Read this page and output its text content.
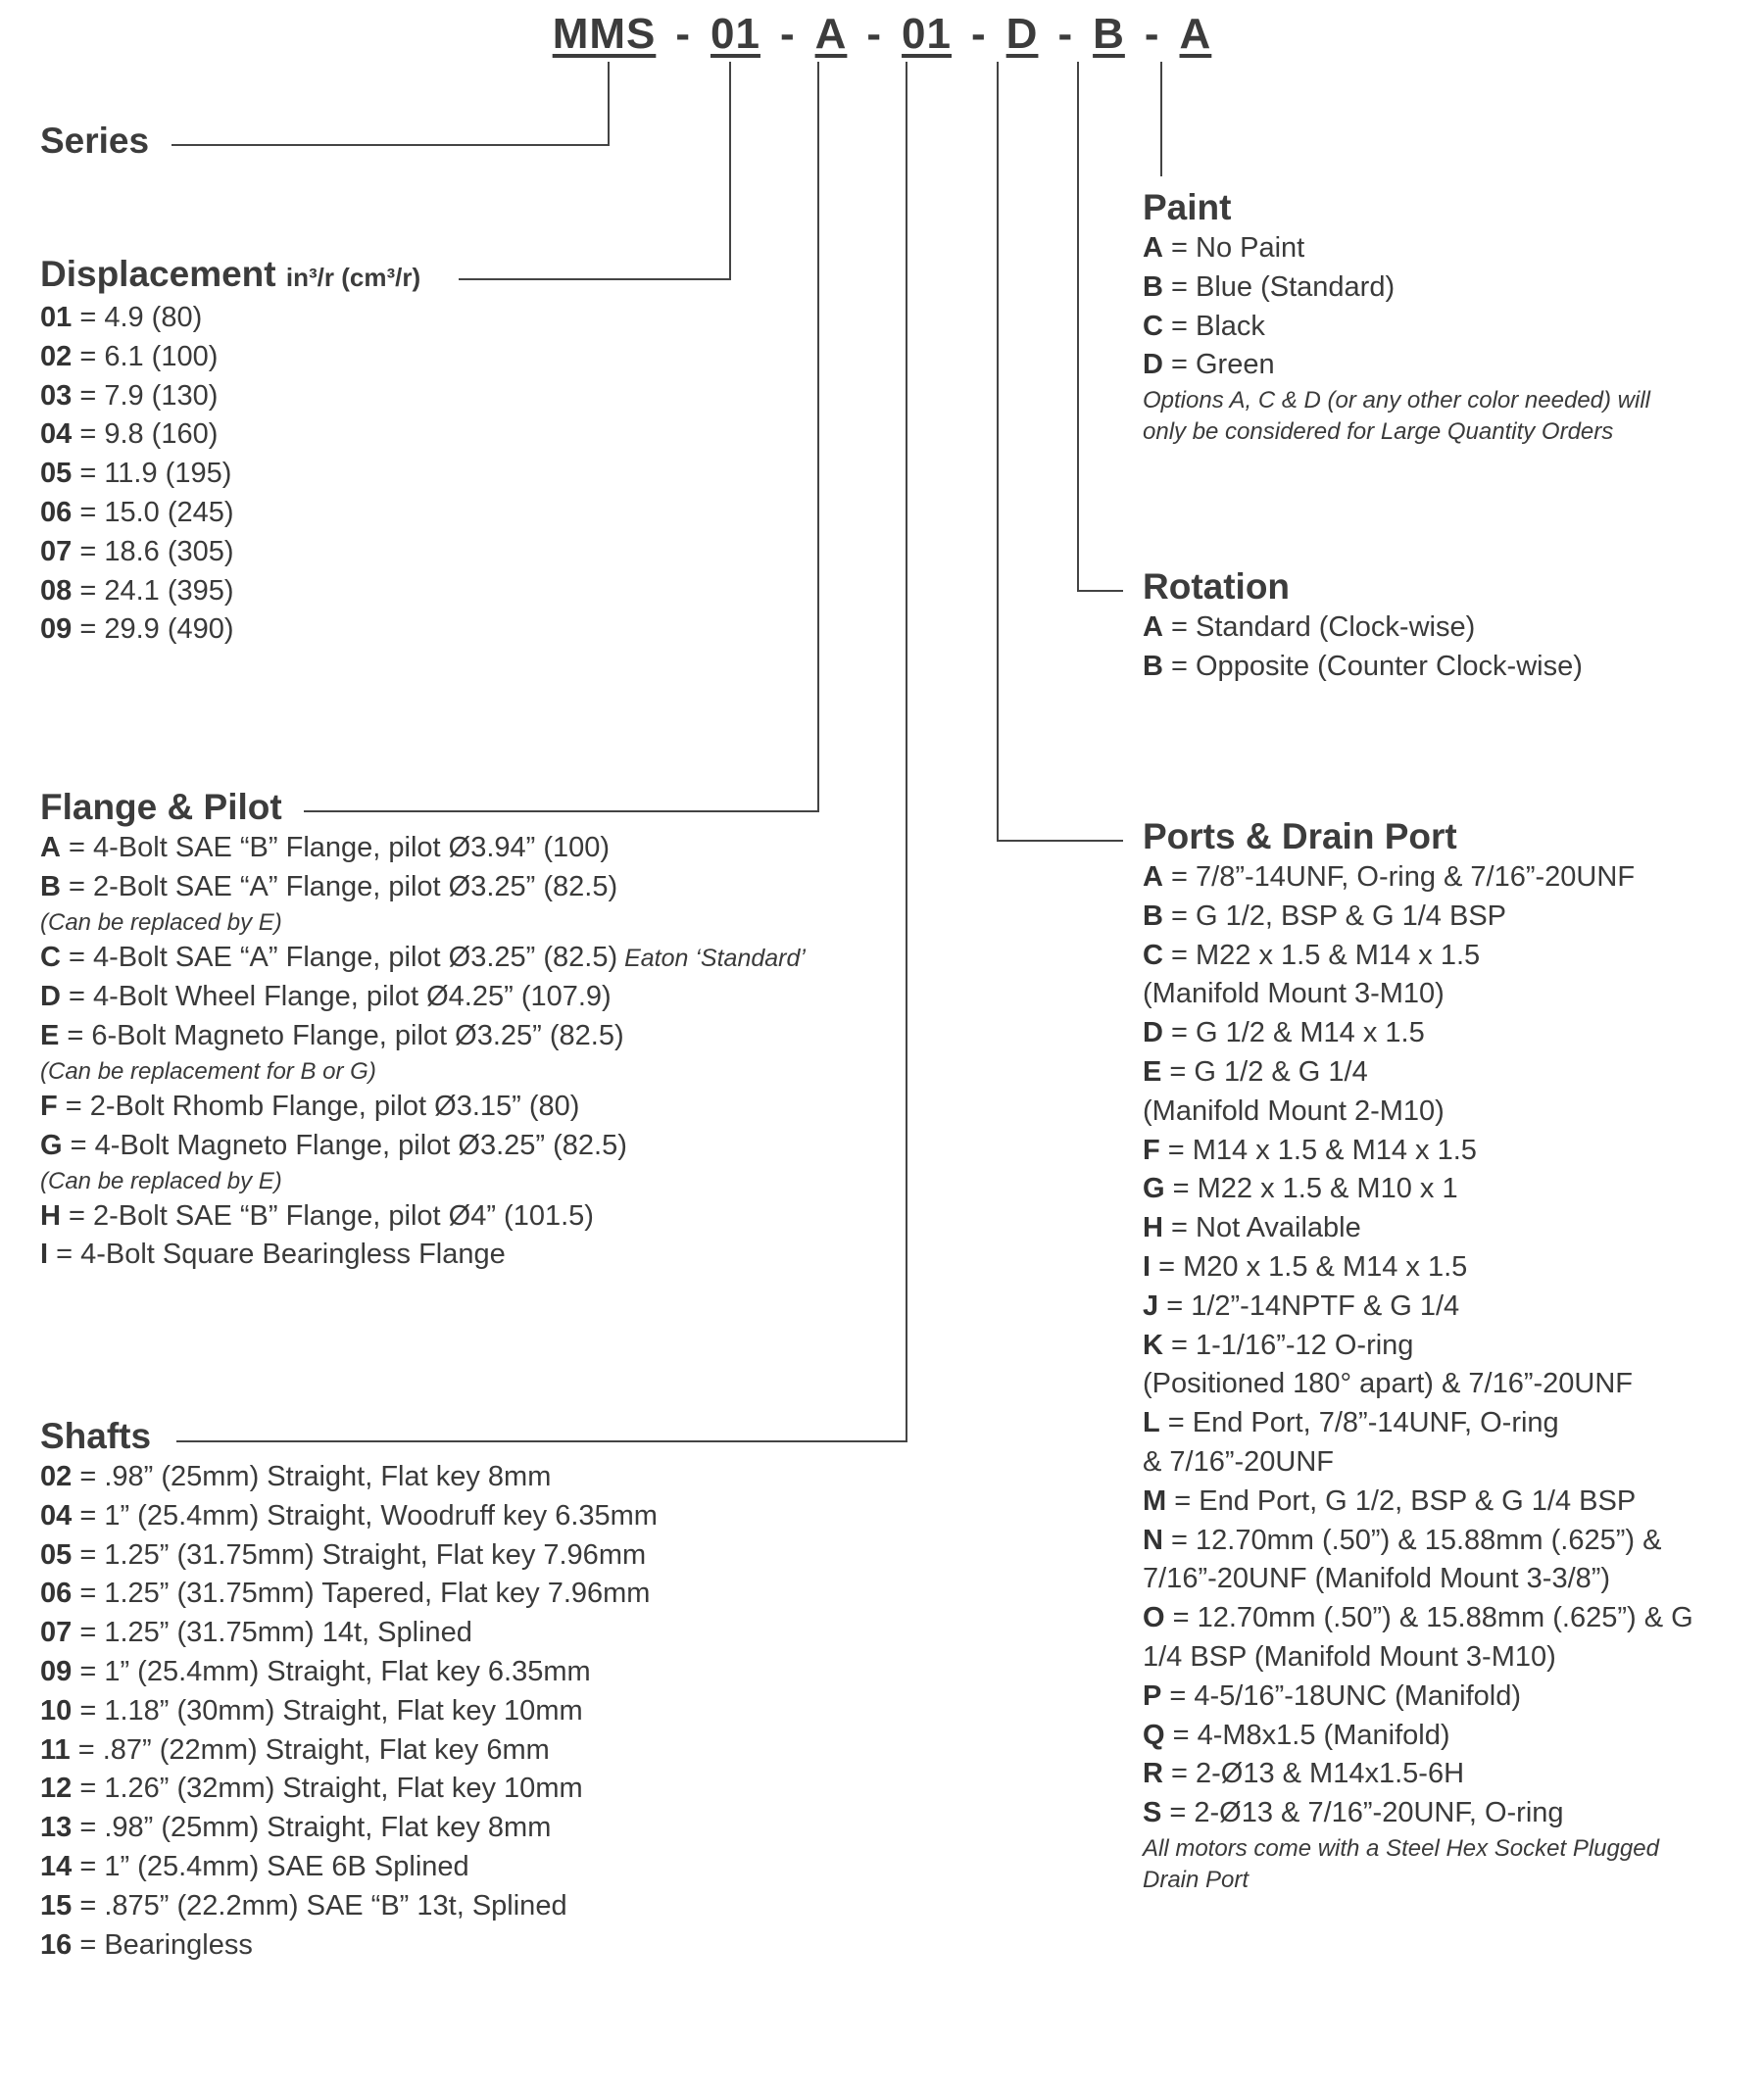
MMS - 01 - A - 01 - D - B - A
Series
Displacement in³/r (cm³/r)
01 = 4.9 (80)
02 = 6.1 (100)
03 = 7.9 (130)
04 = 9.8 (160)
05 = 11.9 (195)
06 = 15.0 (245)
07 = 18.6 (305)
08 = 24.1 (395)
09 = 29.9 (490)
Flange & Pilot
A = 4-Bolt SAE “B” Flange, pilot Ø3.94” (100)
B = 2-Bolt SAE “A” Flange, pilot Ø3.25” (82.5)
(Can be replaced by E)
C = 4-Bolt SAE “A” Flange, pilot Ø3.25” (82.5) Eaton ‘Standard’
D = 4-Bolt Wheel Flange, pilot Ø4.25” (107.9)
E = 6-Bolt Magneto Flange, pilot Ø3.25” (82.5)
(Can be replacement for B or G)
F = 2-Bolt Rhomb Flange, pilot Ø3.15” (80)
G = 4-Bolt Magneto Flange, pilot Ø3.25” (82.5)
(Can be replaced by E)
H = 2-Bolt SAE “B” Flange, pilot Ø4” (101.5)
I = 4-Bolt Square Bearingless Flange
Shafts
02 = .98” (25mm) Straight, Flat key 8mm
04 = 1” (25.4mm) Straight, Woodruff key 6.35mm
05 = 1.25” (31.75mm) Straight, Flat key 7.96mm
06 = 1.25” (31.75mm) Tapered, Flat key 7.96mm
07 = 1.25” (31.75mm) 14t, Splined
09 = 1” (25.4mm) Straight, Flat key 6.35mm
10 = 1.18” (30mm) Straight, Flat key 10mm
11 = .87” (22mm) Straight, Flat key 6mm
12 = 1.26” (32mm) Straight, Flat key 10mm
13 = .98” (25mm) Straight, Flat key 8mm
14 = 1” (25.4mm) SAE 6B Splined
15 = .875” (22.2mm) SAE “B” 13t, Splined
16 = Bearingless
Paint
A = No Paint
B = Blue (Standard)
C = Black
D = Green
Options A, C & D (or any other color needed) will only be considered for Large Quantity Orders
Rotation
A = Standard (Clock-wise)
B = Opposite (Counter Clock-wise)
Ports & Drain Port
A = 7/8”-14UNF, O-ring & 7/16”-20UNF
B = G 1/2, BSP & G 1/4 BSP
C = M22 x 1.5 & M14 x 1.5
(Manifold Mount 3-M10)
D = G 1/2 & M14 x 1.5
E = G 1/2 & G 1/4
(Manifold Mount 2-M10)
F = M14 x 1.5 & M14 x 1.5
G = M22 x 1.5 & M10 x 1
H = Not Available
I = M20 x 1.5 & M14 x 1.5
J = 1/2”-14NPTF & G 1/4
K = 1-1/16”-12 O-ring
(Positioned 180° apart) & 7/16”-20UNF
L = End Port, 7/8”-14UNF, O-ring
& 7/16”-20UNF
M = End Port, G 1/2, BSP & G 1/4 BSP
N = 12.70mm (.50”) & 15.88mm (.625”) &
7/16”-20UNF (Manifold Mount 3-3/8”)
O = 12.70mm (.50”) & 15.88mm (.625”) & G
1/4 BSP (Manifold Mount 3-M10)
P = 4-5/16”-18UNC (Manifold)
Q = 4-M8x1.5 (Manifold)
R = 2-Ø13 & M14x1.5-6H
S = 2-Ø13 & 7/16”-20UNF, O-ring
All motors come with a Steel Hex Socket Plugged Drain Port
